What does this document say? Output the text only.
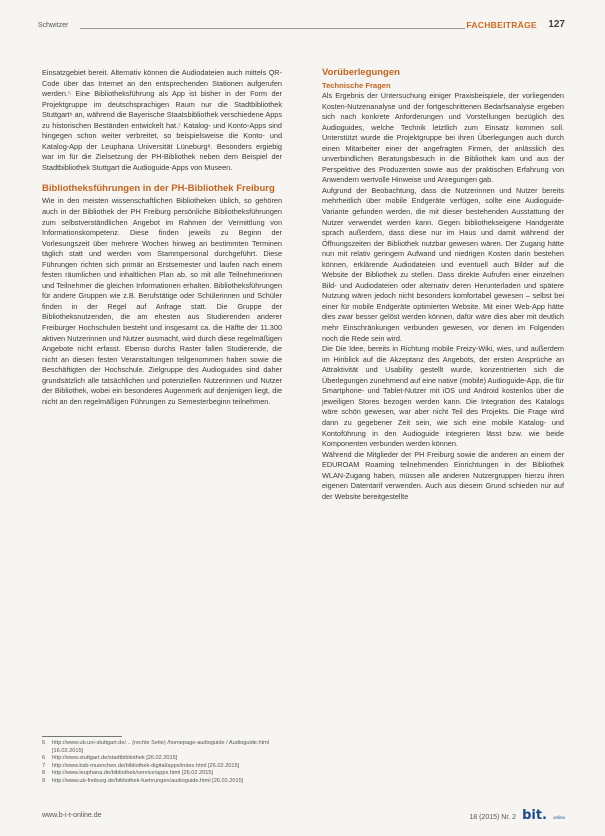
Schwitzer	FACHBEITRÄGE 127

Einsatzgebiet bereit. Alternativ können die Audiodateien auch mittels QR-Code über das Internet an den entsprechenden Stationen aufgerufen werden.⁵ Eine Bibliotheksführung als App ist bisher in der Form der Projektgruppe im deutschsprachigen Raum nur die Stadtbibliothek Stuttgart⁶ an, während die Bayerische Staatsbibliothek verschiedene Apps zu historischen Beständen entwickelt hat.⁷ Katalog- und Konto-Apps sind hingegen schon weiter verbreitet, so beispielsweise die Konto- und Katalog-App der Leuphana Universität Lüneburg⁸. Besonders ergiebig war im für die Zielsetzung der PH-Bibliothek neben dem Beispiel der Stadtbibliothek Stuttgart die Audioguide-Apps von Museen.

Bibliotheksführungen in der PH-Bibliothek Freiburg

Wie in den meisten wissenschaftlichen Bibliotheken üblich, so gehören auch in der Bibliothek der PH Freiburg persönliche Bibliotheksführungen zum selbstverständlichen Angebot im Rahmen der Vermittlung von Informationskompetenz. Diese finden jeweils zu Beginn der Vorlesungszeit über mehrere Wochen hinweg an bestimmten Terminen täglich statt und werden vom Stammpersonal durchgeführt. Diese Führungen richten sich primär an Erstsemester und laufen nach einem festen räumlichen und inhaltlichen Plan ab, so mit alle Teilnehmerinnen und Teilnehmer die gleichen Informationen erhalten. Bibliotheksführungen für andere Gruppen wie z.B. Berufstätige oder Schülerinnen und Schüler finden in der Regel auf Anfrage statt. Die Gruppe der Bibliotheksnutzenden, die am ehesten aus Studierenden anderer Freiburger Hochschulen besteht und insgesamt ca. die Hälfte der 11.300 aktiven Nutzerinnen und Nutzer ausmacht, wird durch diese regelmäßigen Angebote nicht erfasst. Ebenso durchs Raster fallen Studierende, die nicht an diesen festen Veranstaltungen teilgenommen haben sowie die Beschäftigten der Hochschule. Zielgruppe des Audioguides sind daher grundsätzlich alle tatsächlichen und potenziellen Nutzerinnen und Nutzer der Bibliothek, wobei ein besonderes Augenmerk auf denjenigen liegt, die nicht an den regelmäßigen Führungen zu Semesterbeginn teilnehmen.

Vorüberlegungen
Technische Fragen

Als Ergebnis der Untersuchung einiger Praxisbeispiele, der vorliegenden Kosten-Nutzenanalyse und der fortgeschrittenen Bedarfsanalyse ergeben sich nach konkrete Anforderungen und Vorstellungen bezüglich des Audioguides, welche Technik letztlich zum Einsatz kommen soll. Unterstützt wurde die Projektgruppe bei ihren Überlegungen auch durch einen Mitarbeiter einer der angefragten Firmen, der anlässlich des unverbindlichen Beratungsbesuch in die Bibliothek kam und aus der Perspektive des Produzenten sowie aus der praktischen Erfahrung von Anwendern wertvolle Hinweise und Anregungen gab.

Aufgrund der Beobachtung, dass die Nutzerinnen und Nutzer bereits mehrheitlich über mobile Endgeräte verfügen, sollte eine Audioguide-Variante gefunden werden, die mit dieser bestehenden Ausstattung der Nutzer verwendet werden kann. Gegen bibliothekseigene Handgeräte sprach außerdem, dass diese nur im Haus und damit während der Öffnungszeiten der Bibliothek nutzbar gewesen wären. Der Zugang hätte nun mit relativ geringem Aufwand und niedrigen Kosten darin bestehen können, erklärende Audiodateien und eventuell auch Bilder auf die Website der Bibliothek zu stellen. Dass direkte Aufrufen einer einzelnen Bild- und Audiodateien oder alternativ deren Herunterladen und spätere Nutzung wären jedoch nicht besonders komfortabel gewesen – selbst bei einer für mobile Endgeräte optimierten Website. Mit einer Web-App hätte dies zwar besser gelöst werden können, dafür wäre dies aber mit deutlich mehr Einschränkungen verbunden gewesen, vor denen im Folgenden noch die Rede sein wird.

Die Die Idee, bereits in Richtung mobile Freizy-Wiki, wies, und außerdem im Hinblick auf die Akzeptanz des Angebots, der ersten Ansprüche an Attraktivität und Usability gestellt wurde, konzentrierten sich die Überlegungen zunehmend auf eine native (mobile) Audioguide-App, die für Smartphone- und Tablet-Nutzer mit iOS und Android kostenlos über die jeweiligen Stores bezogen werden kann. Die Integration des Katalogs wäre schön gewesen, war aber nicht Teil des Projekts. Die Frage wird dann zu gegebener Zeit sein, wie sich eine mobile Katalog- und Kontoführung in den Audioguide integrieren lässt bzw. wie beide Komponenten verbunden werden können.

Während die Mitglieder der PH Freiburg sowie die anderen an einem der EDUROAM Roaming teilnehmenden Einrichtungen in der Bibliothek WLAN-Zugang haben, müssen alle anderen Nutzergruppen hierzu ihren eigenen Datentarif verwenden. Auch aus diesem Grund schieden nur auf der Website bereitgestellte

5	http://www.ub.uni-stuttgart.de/... (rechte Seite) /homepage-audioguide / Audioguide.html [16.02.2015]
6	http://www.stuttgart.de/stadtbibliothek [26.02.2015]
7	http://www.bsb-muenchen.de/bibliothek-digital/apps/index.html [26.02.2015]
8	http://www.leuphana.de/bibliothek/service/apps.html [26.02.2015]
9	http://www.ub-freiburg.de/bibliothek-fuehrungen/audioguide.html [26.02.2015]
www.b-i-t-online.de	18 (2015) Nr. 2 bit. online
